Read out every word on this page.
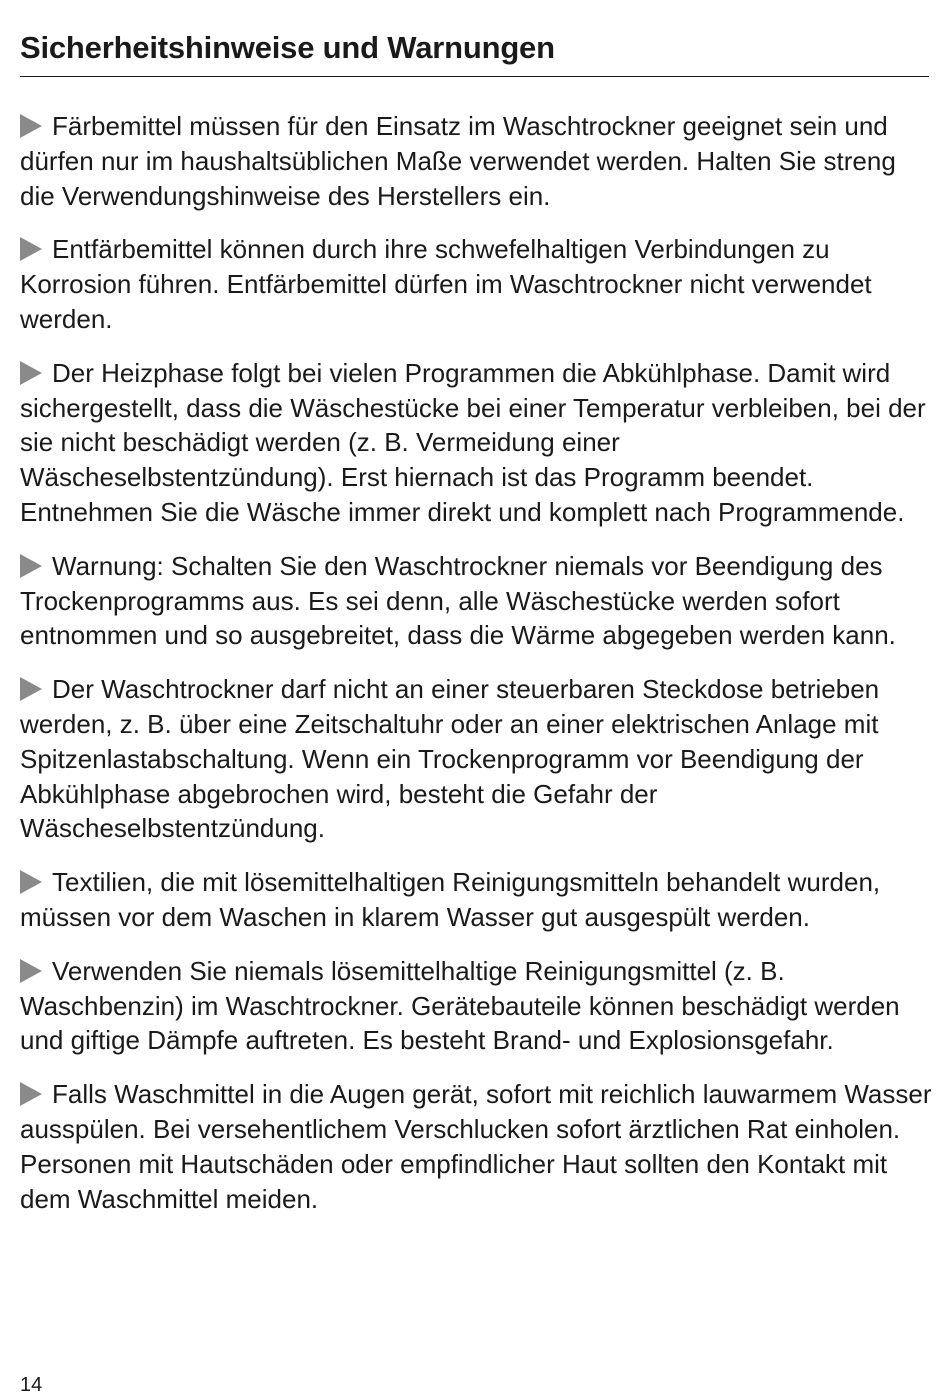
Sicherheitshinweise und Warnungen

Färbemittel müssen für den Einsatz im Waschtrockner geeignet sein und dürfen nur im haushaltsüblichen Maße verwendet werden. Halten Sie streng die Verwendungshinweise des Herstellers ein.

Entfärbemittel können durch ihre schwefelhaltigen Verbindungen zu Korrosion führen. Entfärbemittel dürfen im Waschtrockner nicht verwendet werden.

Der Heizphase folgt bei vielen Programmen die Abkühlphase. Damit wird sichergestellt, dass die Wäschestücke bei einer Temperatur verbleiben, bei der sie nicht beschädigt werden (z. B. Vermeidung einer Wäscheselbstentzündung). Erst hiernach ist das Programm beendet. Entnehmen Sie die Wäsche immer direkt und komplett nach Programmende.

Warnung: Schalten Sie den Waschtrockner niemals vor Beendigung des Trockenprogramms aus. Es sei denn, alle Wäschestücke werden sofort entnommen und so ausgebreitet, dass die Wärme abgegeben werden kann.

Der Waschtrockner darf nicht an einer steuerbaren Steckdose betrieben werden, z. B. über eine Zeitschaltuhr oder an einer elektrischen Anlage mit Spitzenlastabschaltung. Wenn ein Trockenprogramm vor Beendigung der Abkühlphase abgebrochen wird, besteht die Gefahr der Wäscheselbstentzündung.

Textilien, die mit lösemittelhaltigen Reinigungsmitteln behandelt wurden, müssen vor dem Waschen in klarem Wasser gut ausgespült werden.

Verwenden Sie niemals lösemittelhaltige Reinigungsmittel (z. B. Waschbenzin) im Waschtrockner. Gerätebauteile können beschädigt werden und giftige Dämpfe auftreten. Es besteht Brand- und Explosionsgefahr.

Falls Waschmittel in die Augen gerät, sofort mit reichlich lauwarmem Wasser ausspülen. Bei versehentlichem Verschlucken sofort ärztlichen Rat einholen. Personen mit Hautschäden oder empfindlicher Haut sollten den Kontakt mit dem Waschmittel meiden.

14
